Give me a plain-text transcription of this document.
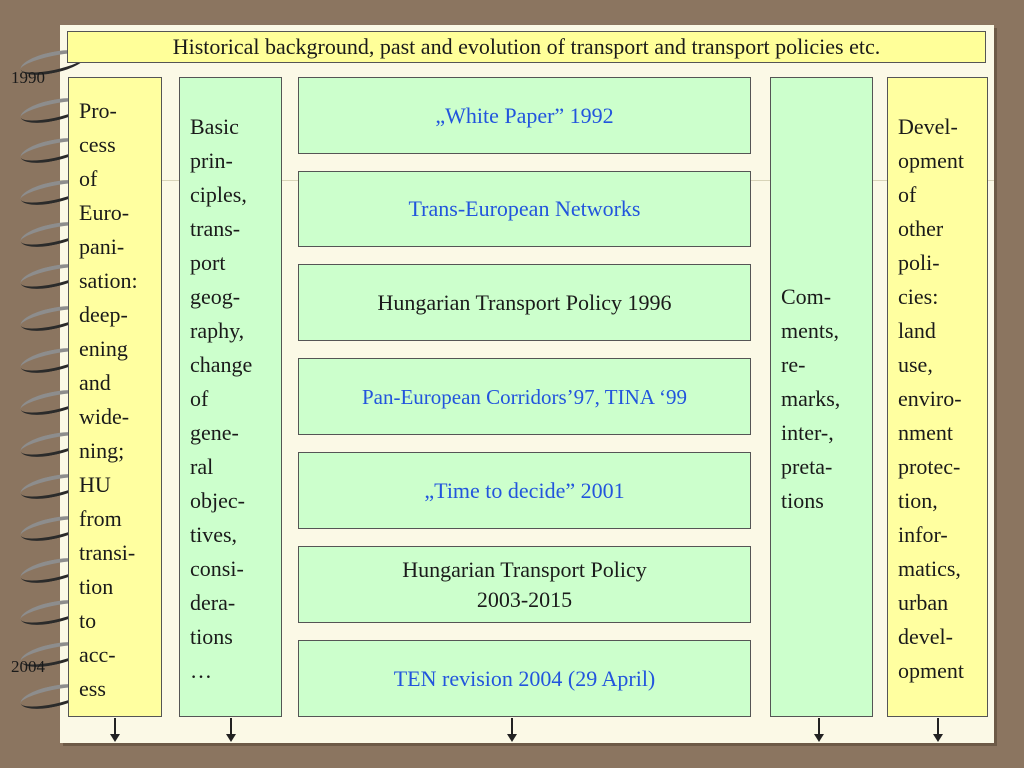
1990
2004
Historical background, past and evolution of transport and transport policies etc.
Pro-
cess
of
Euro-
pani-
sation:
deep-
ening
and
wide-
ning;
HU
from
transi-
tion
to
acc-
ess
Basic
prin-
ciples,
trans-
port
geog-
raphy,
change
of
gene-
ral
objec-
tives,
consi-
dera-
tions
…
„White Paper” 1992
Trans-European Networks
Hungarian Transport Policy 1996
Pan-European Corridors’97, TINA ‘99
„Time to decide” 2001
Hungarian Transport Policy
2003-2015
TEN revision 2004 (29 April)
Com-
ments,
re-
marks,
inter-,
preta-
tions
Devel-
opment
of
other
poli-
cies:
land
use,
enviro-
nment
protec-
tion,
infor-
matics,
urban
devel-
opment
